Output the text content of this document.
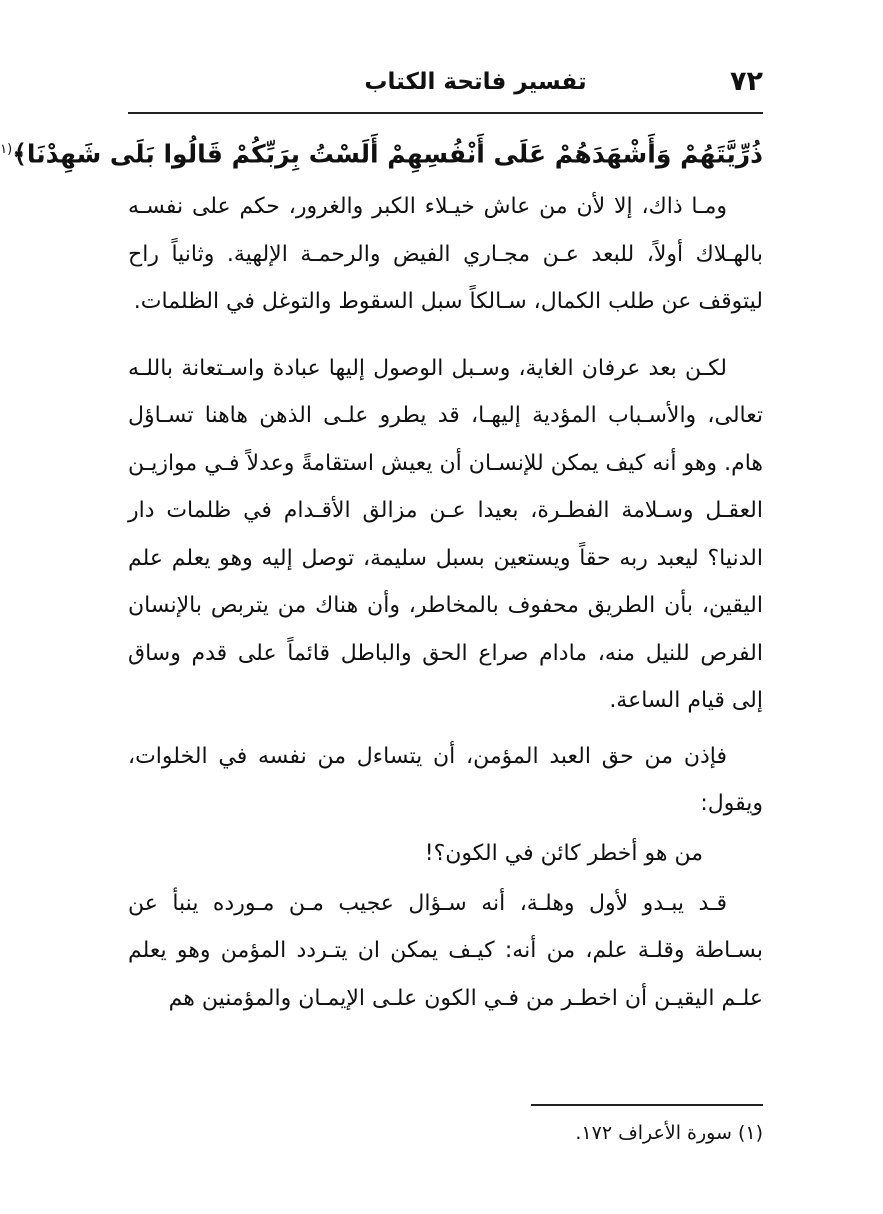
٧٢
تفسير فاتحة الكتاب

ذُرِّيَّتَهُمْ وَأَشْهَدَهُمْ عَلَى أَنْفُسِهِمْ أَلَسْتُ بِرَبِّكُمْ قَالُوا بَلَى شَهِدْنَا﴾$^{(١}$

ومـا ذاك، إلا لأن من عاش خيـلاء الكبر والغرور، حكم على نفسـه بالهـلاك أولاً، للبعد عـن مجـاري الفيض والرحمـة الإلهية. وثانياً راح ليتوقف عن طلب الكمال، سـالكاً سبل السقوط والتوغل في الظلمات.

لكـن بعد عرفان الغاية، وسـبل الوصول إليها عبادة واسـتعانة باللـه تعالى، والأسـباب المؤدية إليهـا، قد يطرو علـى الذهن هاهنا تسـاؤل هام. وهو أنه كيف يمكن للإنسـان أن يعيش استقامةً وعدلاً فـي موازيـن العقـل وسـلامة الفطـرة، بعيدا عـن مزالق الأقـدام في ظلمات دار الدنيا؟ ليعبد ربه حقاً ويستعين بسبل سليمة، توصل إليه وهو يعلم علم اليقين، بأن الطريق محفوف بالمخاطر، وأن هناك من يتربص بالإنسان الفرص للنيل منه، مادام صراع الحق والباطل قائماً على قدم وساق إلى قيام الساعة.

فإذن من حق العبد المؤمن، أن يتساءل من نفسه في الخلوات، ويقول:

من هو أخطر كائن في الكون؟!

قـد يبـدو لأول وهلـة، أنه سـؤال عجيب مـن مـورده ينبأ عن بسـاطة وقلـة علم، من أنه: كيـف يمكن ان يتـردد المؤمن وهو يعلم علـم اليقيـن أن اخطـر من فـي الكون علـى الإيمـان والمؤمنين هم

(١) سورة الأعراف ١٧٢.
